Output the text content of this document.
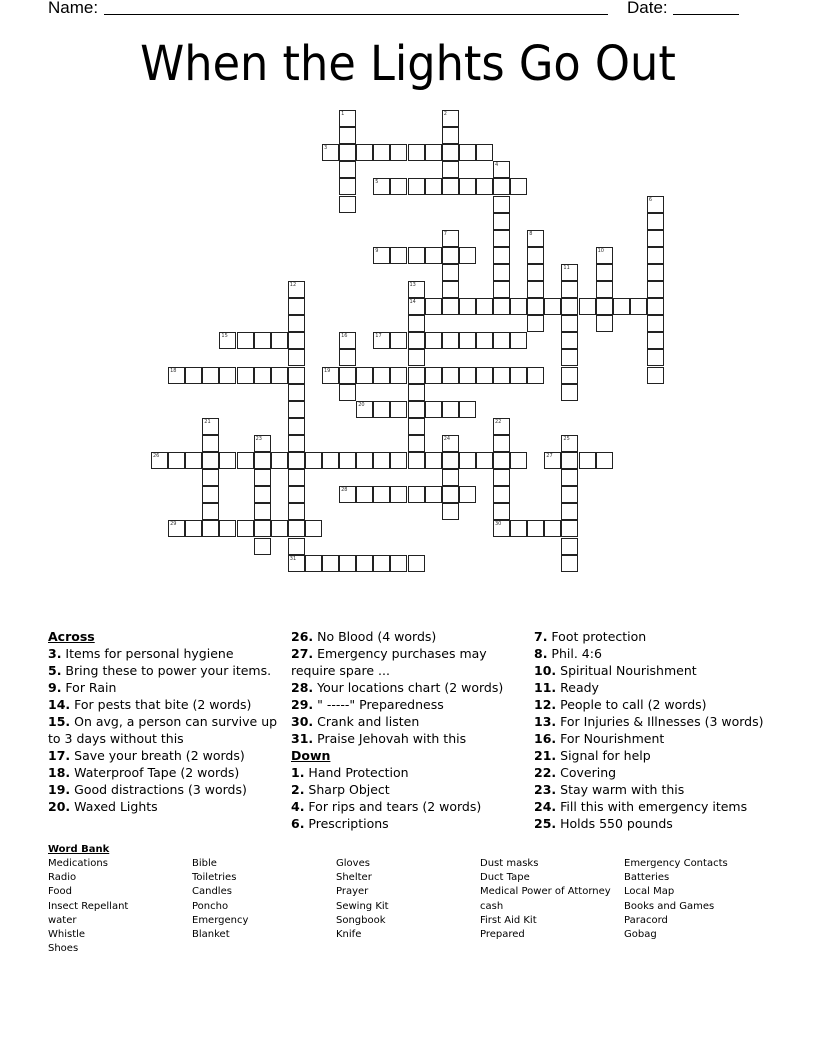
Name:	Date:
When the Lights Go Out
1	2
3
4
5
6
7	8
9	10
11
12
31
13
14
15	16	17
18	19
20
21	22
30
23	24	25
26	27
28
29
Across
3. Items for personal hygiene
5. Bring these to power your items.
9. For Rain
14. For pests that bite (2 words)
15. On avg, a person can survive up to 3 days without this
17. Save your breath (2 words)
18. Waterproof Tape (2 words)
19. Good distractions (3 words)
20. Waxed Lights
26. No Blood (4 words)
27. Emergency purchases may require spare ...
28. Your locations chart (2 words)
29. " -----" Preparedness
30. Crank and listen
31. Praise Jehovah with this
Down
1. Hand Protection
2. Sharp Object
4. For rips and tears (2 words)
6. Prescriptions
7. Foot protection
8. Phil. 4:6
10. Spiritual Nourishment
11. Ready
12. People to call (2 words)
13. For Injuries & Illnesses (3 words)
16. For Nourishment
21. Signal for help
22. Covering
23. Stay warm with this
24. Fill this with emergency items
25. Holds 550 pounds
Word Bank
Medications
Radio
Food
Insect Repellant
water
Whistle
Shoes
Bible
Toiletries
Candles
Poncho
Emergency
Blanket
Gloves
Shelter
Prayer
Sewing Kit
Songbook
Knife
Dust masks
Duct Tape
Medical Power of Attorney
cash
First Aid Kit
Prepared
Emergency Contacts
Batteries
Local Map
Books and Games
Paracord
Gobag
